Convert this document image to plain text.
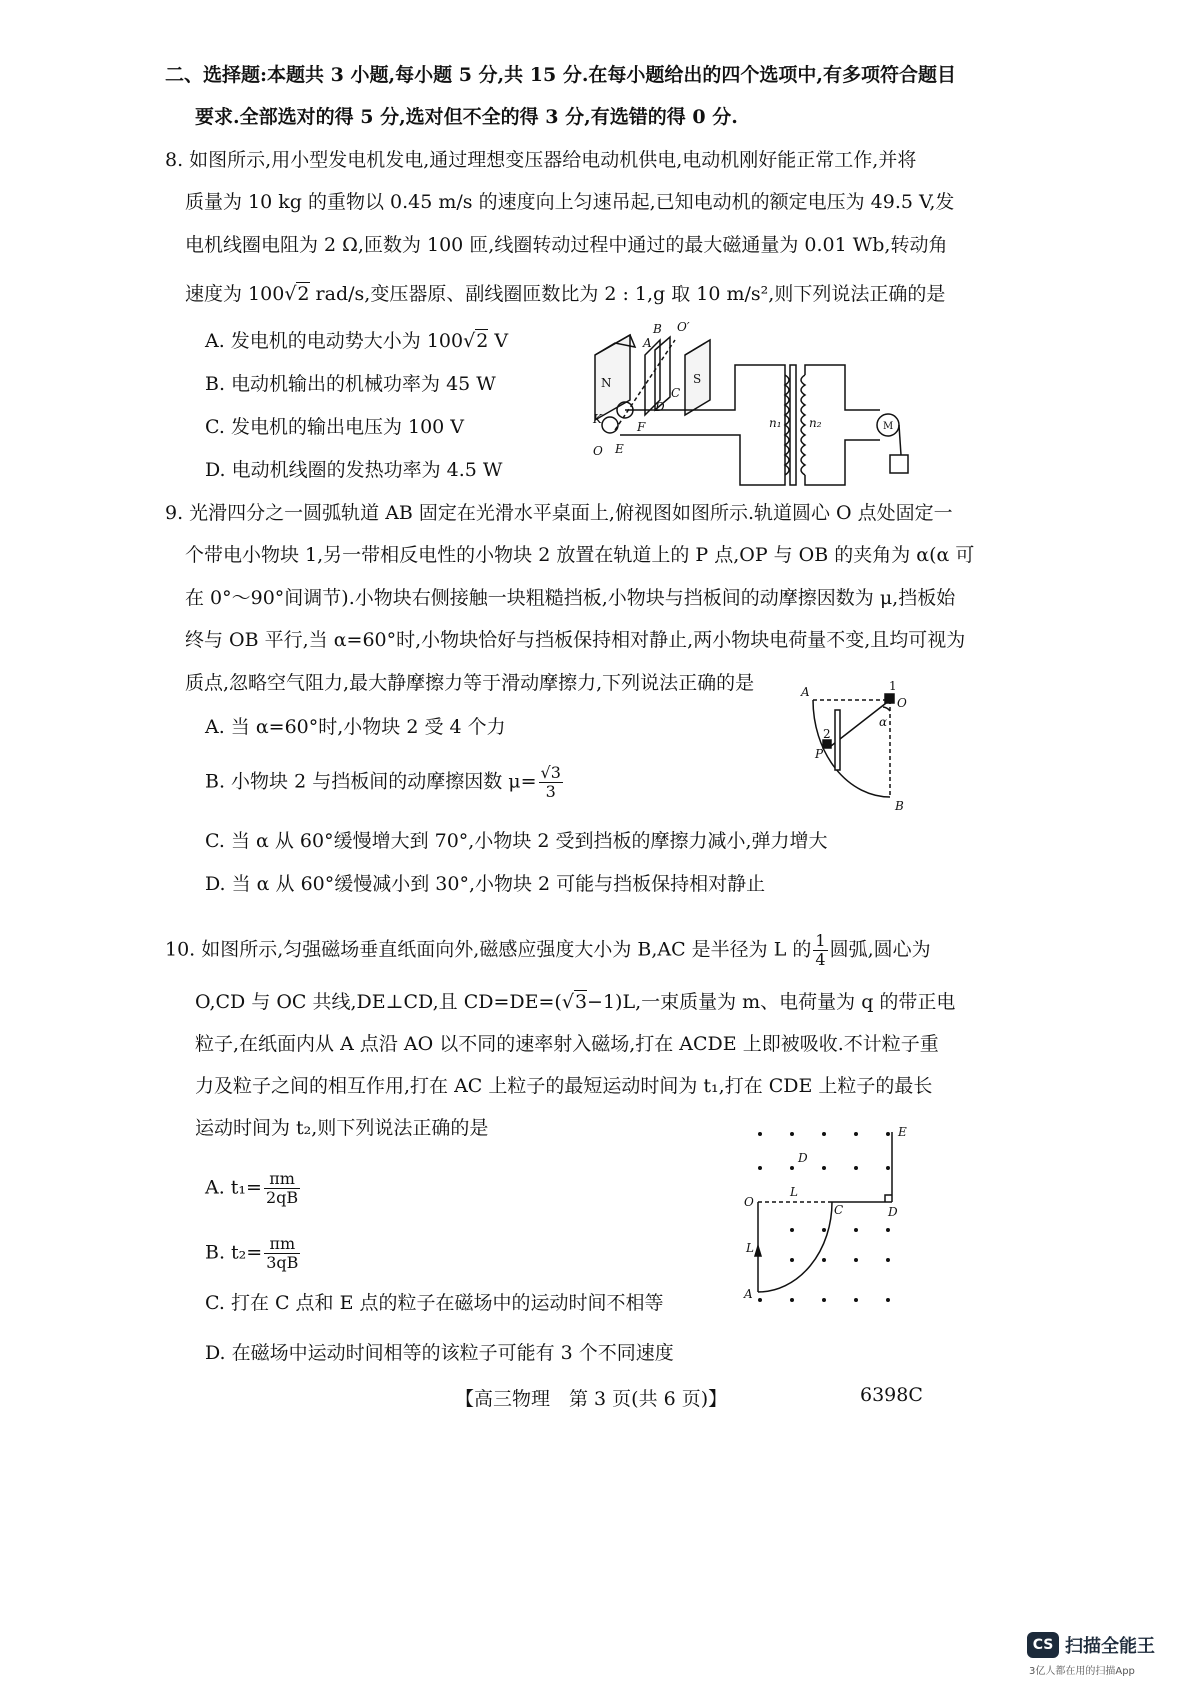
二、选择题:本题共 3 小题,每小题 5 分,共 15 分.在每小题给出的四个选项中,有多项符合题目
要求.全部选对的得 5 分,选对但不全的得 3 分,有选错的得 0 分.
8. 如图所示,用小型发电机发电,通过理想变压器给电动机供电,电动机刚好能正常工作,并将
质量为 10 kg 的重物以 0.45 m/s 的速度向上匀速吊起,已知电动机的额定电压为 49.5 V,发
电机线圈电阻为 2 Ω,匝数为 100 匝,线圈转动过程中通过的最大磁通量为 0.01 Wb,转动角
速度为 100√2 rad/s,变压器原、副线圈匝数比为 2 : 1,g 取 10 m/s²,则下列说法正确的是
A. 发电机的电动势大小为 100√2 V
B. 电动机输出的机械功率为 45 W
C. 发电机的输出电压为 100 V
D. 电动机线圈的发热功率为 4.5 W
B O′
A
N	S
C
D
K
F
O E
n₁ n₂	M
9. 光滑四分之一圆弧轨道 AB 固定在光滑水平桌面上,俯视图如图所示.轨道圆心 O 点处固定一
个带电小物块 1,另一带相反电性的小物块 2 放置在轨道上的 P 点,OP 与 OB 的夹角为 α(α 可
在 0°～90°间调节).小物块右侧接触一块粗糙挡板,小物块与挡板间的动摩擦因数为 μ,挡板始
终与 OB 平行,当 α=60°时,小物块恰好与挡板保持相对静止,两小物块电荷量不变,且均可视为
质点,忽略空气阻力,最大静摩擦力等于滑动摩擦力,下列说法正确的是
A. 当 α=60°时,小物块 2 受 4 个力
B. 小物块 2 与挡板间的动摩擦因数 $\mu= \frac{√3}{3}$
C. 当 α 从 60°缓慢增大到 70°,小物块 2 受到挡板的摩擦力减小,弹力增大
D. 当 α 从 60°缓慢减小到 30°,小物块 2 可能与挡板保持相对静止
A	1
O
α
2
P
B
10. 如图所示,匀强磁场垂直纸面向外,磁感应强度大小为 B,AC 是半径为 L 的 $\frac{1}{4}$ 圆弧,圆心为
O,CD 与 OC 共线,DE⊥CD,且 CD=DE=(√3−1)L,一束质量为 m、电荷量为 q 的带正电
粒子,在纸面内从 A 点沿 AO 以不同的速率射入磁场,打在 ACDE 上即被吸收.不计粒子重
力及粒子之间的相互作用,打在 AC 上粒子的最短运动时间为 t₁,打在 CDE 上粒子的最长
运动时间为 t₂,则下列说法正确的是
A. $t_1= \frac{\pi m}{2qB}$
B. $t_2= \frac{\pi m}{3qB}$
C. 打在 C 点和 E 点的粒子在磁场中的运动时间不相等
D. 在磁场中运动时间相等的该粒子可能有 3 个不同速度
E
D
O
L
C	D
L
A
【高三物理　第 3 页(共 6 页)】	6398C
CS 扫描全能王
3亿人都在用的扫描App
